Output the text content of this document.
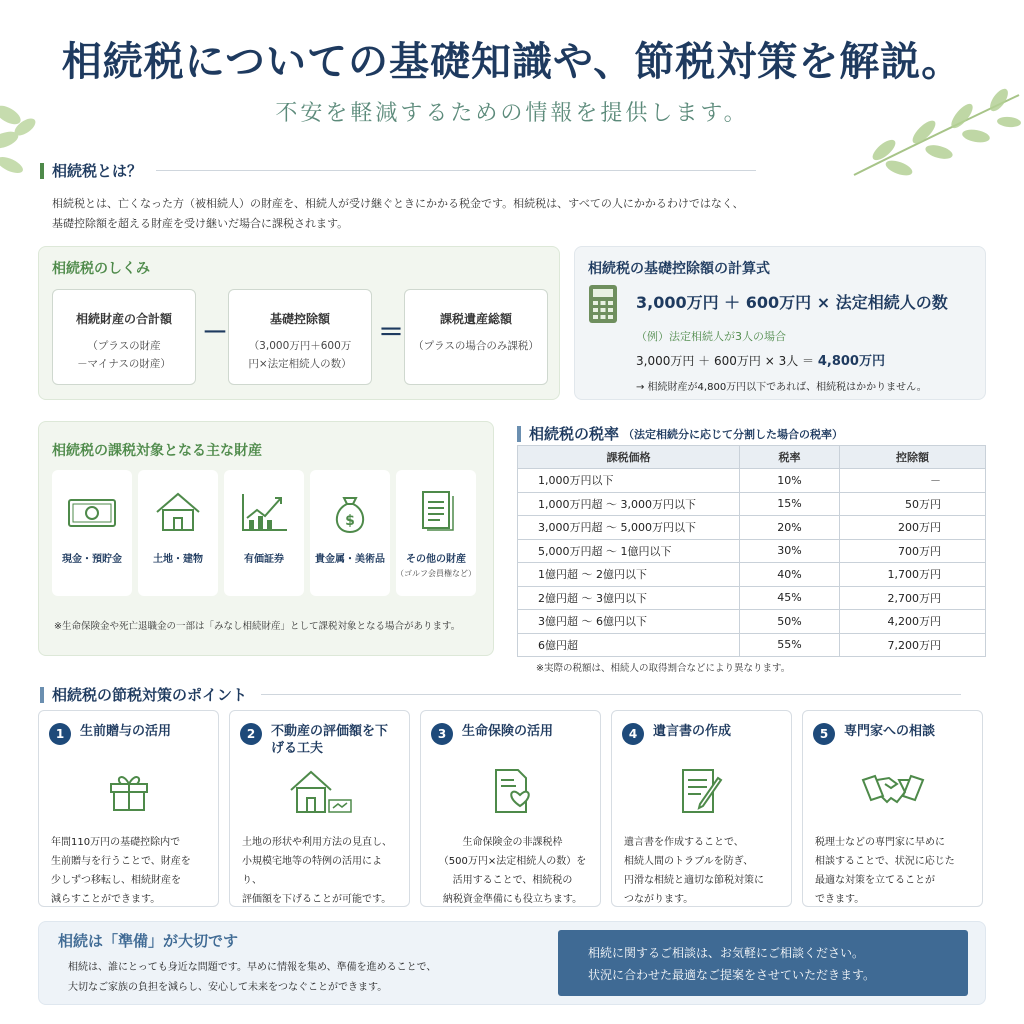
相続税についての基礎知識や、節税対策を解説。
不安を軽減するための情報を提供します。
相続税とは？
相続税とは、亡くなった方（被相続人）の財産を、相続人が受け継ぐときにかかる税金です。相続税は、すべての人にかかるわけではなく、
基礎控除額を超える財産を受け継いだ場合に課税されます。
相続税のしくみ
相続財産の合計額
（プラスの財産
－マイナスの財産）
－	基礎控除額
（3,000万円＋600万
円×法定相続人の数）
＝	課税遺産総額
（プラスの場合のみ課税）
相続税の基礎控除額の計算式
3,000万円 ＋ 600万円 × 法定相続人の数
（例）法定相続人が3人の場合
3,000万円 ＋ 600万円 × 3人 ＝ 4,800万円
→ 相続財産が4,800万円以下であれば、相続税はかかりません。
相続税の課税対象となる主な財産
現金・預貯金	土地・建物	有価証券
$
貴金属・美術品	その他の財産
（ゴルフ会員権など）
※生命保険金や死亡退職金の一部は「みなし相続財産」として課税対象となる場合があります。
相続税の税率 （法定相続分に応じて分割した場合の税率）
課税価格	税率	控除額
1,000万円以下	10%	－
1,000万円超 ～ 3,000万円以下	15%	50万円
3,000万円超 ～ 5,000万円以下	20%	200万円
5,000万円超 ～ 1億円以下	30%	700万円
1億円超 ～ 2億円以下	40%	1,700万円
2億円超 ～ 3億円以下	45%	2,700万円
3億円超 ～ 6億円以下	50%	4,200万円
6億円超	55%	7,200万円
※実際の税額は、相続人の取得割合などにより異なります。
相続税の節税対策のポイント
1	生前贈与の活用
年間110万円の基礎控除内で
生前贈与を行うことで、財産を
少しずつ移転し、相続財産を
減らすことができます。
2	不動産の評価額を下げる工夫
土地の形状や利用方法の見直し、
小規模宅地等の特例の活用により、
評価額を下げることが可能です。
3	生命保険の活用
生命保険金の非課税枠
（500万円×法定相続人の数）を
活用することで、相続税の
納税資金準備にも役立ちます。
4	遺言書の作成
遺言書を作成することで、
相続人間のトラブルを防ぎ、
円滑な相続と適切な節税対策に
つながります。
5	専門家への相談
税理士などの専門家に早めに
相談することで、状況に応じた
最適な対策を立てることが
できます。
相続は「準備」が大切です
相続は、誰にとっても身近な問題です。早めに情報を集め、準備を進めることで、
大切なご家族の負担を減らし、安心して未来をつなぐことができます。
相続に関するご相談は、お気軽にご相談ください。
状況に合わせた最適なご提案をさせていただきます。
